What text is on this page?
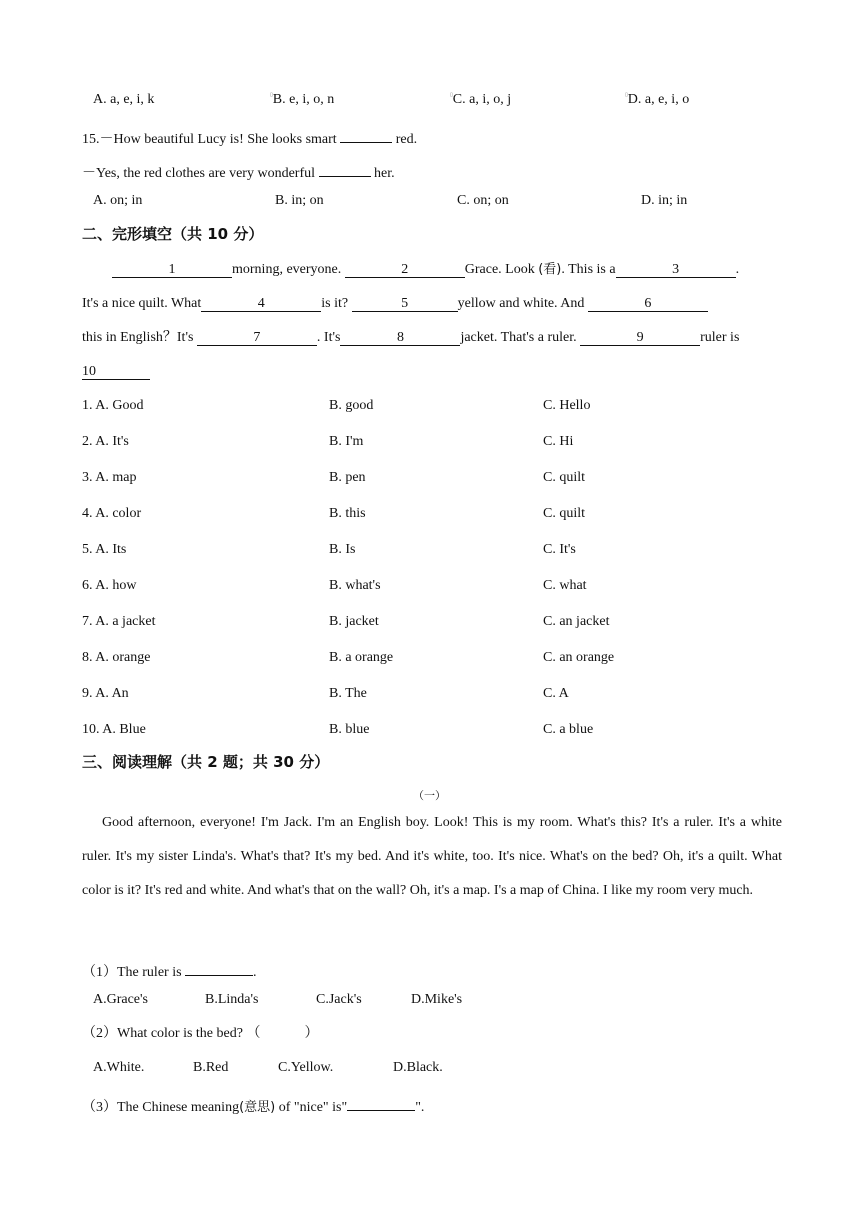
A. a, e, i, k	▯B. e, i, o, n	▯C. a, i, o, j	▯D. a, e, i, o
15.－How beautiful Lucy is! She looks smart	red.
－Yes, the red clothes are very wonderful	her.
A. on; in	B. in; on	C. on; on	D. in; in
二、完形填空（共 10 分）
1	morning, everyone.	2	Grace. Look (看). This is a	3	.
It's a nice quilt. What	4	is it?	5	yellow and white. And	6
this in English？It's	7	. It's	8	jacket. That's a ruler.	9	ruler is
10
1. A. Good	B. good	C. Hello
2. A. It's	B. I'm	C. Hi
3. A. map	B. pen	C. quilt
4. A. color	B. this	C. quilt
5. A. Its	B. Is	C. It's
6. A. how	B. what's	C. what
7. A. a jacket	B. jacket	C. an jacket
8. A. orange	B. a orange	C. an orange
9. A. An	B. The	C. A
10. A. Blue	B. blue	C. a blue
三、阅读理解（共 2 题；共 30 分）
（一）
Good afternoon, everyone! I'm Jack. I'm an English boy. Look! This is my room. What's this? It's a ruler. It's a white ruler. It's my sister Linda's. What's that? It's my bed. And it's white, too. It's nice. What's on the bed? Oh, it's a quilt. What color is it? It's red and white. And what's that on the wall? Oh, it's a map. I's a map of China. I like my room very much.
（1）The ruler is	.
A.Grace's	B.Linda's	C.Jack's	D.Mike's
（2）What color is the bed? （	）
A.White.	B.Red	C.Yellow.	D.Black.
（3）The Chinese meaning(意思) of "nice" is"	".
